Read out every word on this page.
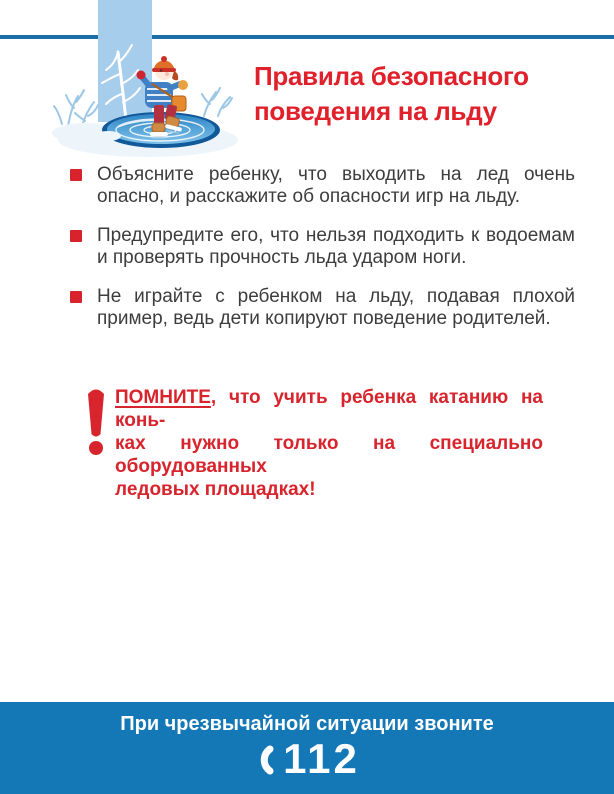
Правила безопасного
поведения на льду

Объясните ребенку, что выходить на лед очень опасно, и расскажите об опасности игр на льду.

Предупредите его, что нельзя подходить к водоемам и проверять прочность льда ударом ноги.

Не играйте с ребенком на льду, подавая плохой пример, ведь дети копируют поведение родителей.

ПОМНИТЕ, что учить ребенка катанию на конь-
ках нужно только на специально оборудованных
ледовых площадках!
При чрезвычайной ситуации звоните
112
